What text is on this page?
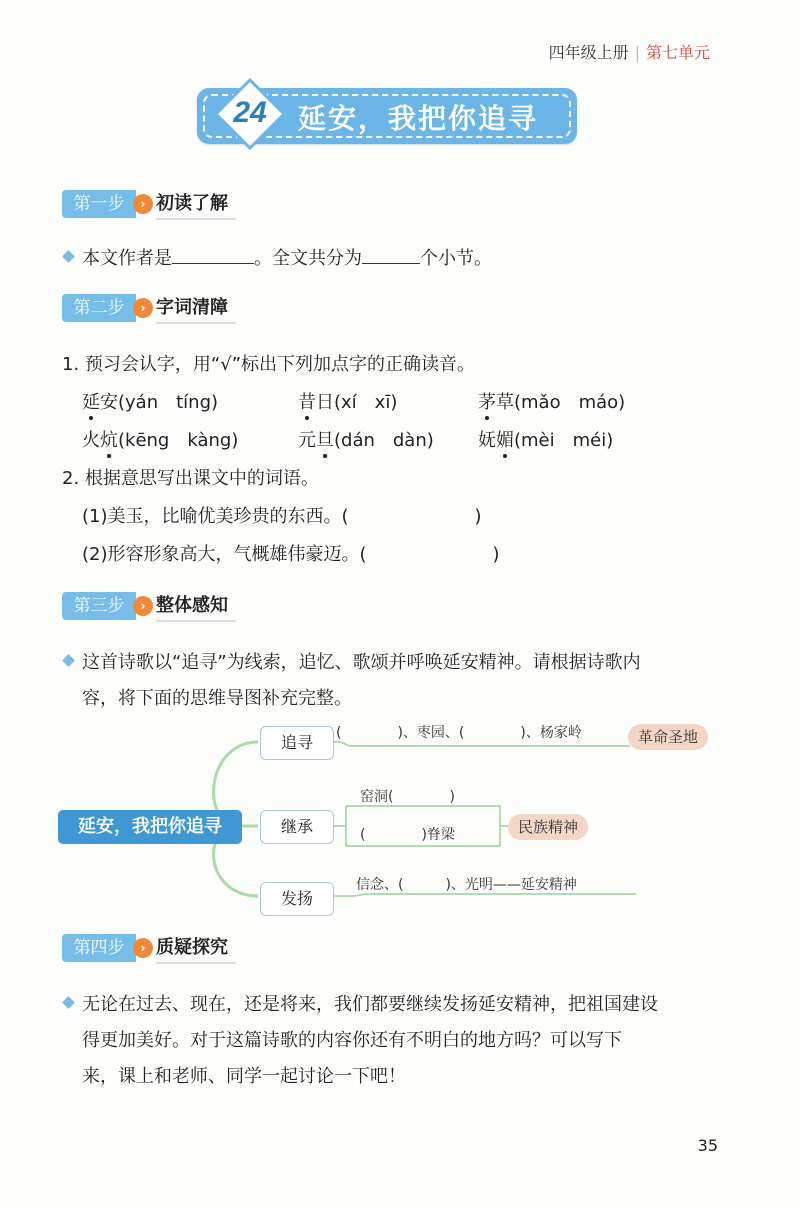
四年级上册 | 第七单元
24	延安，我把你追寻
第一步	› 初读了解
本文作者是	。全文共分为	个小节。
第二步	› 字词清障
1. 预习会认字，用“√”标出下列加点字的正确读音。
延安(yán　tíng)	昔日(xí　xī)	茅草(mǎo　máo)
火炕(kēng　kàng)	元旦(dán　dàn) 妩媚(mèi　méi)
2. 根据意思写出课文中的词语。
(1)美玉，比喻优美珍贵的东西。(	)
(2)形容形象高大，气概雄伟豪迈。(	)
第三步	› 整体感知
这首诗歌以“追寻”为线索，追忆、歌颂并呼唤延安精神。请根据诗歌内
容，将下面的思维导图补充完整。
延安，我把你追寻
追寻
继承
发扬
(　　　　)、枣园、(　　　　)、杨家岭	革命圣地
窑洞(　　　　)
(　　　　)脊梁	民族精神
信念、(　　　)、光明——延安精神
第四步	› 质疑探究
无论在过去、现在，还是将来，我们都要继续发扬延安精神，把祖国建设
得更加美好。对于这篇诗歌的内容你还有不明白的地方吗？可以写下
来，课上和老师、同学一起讨论一下吧！
35
